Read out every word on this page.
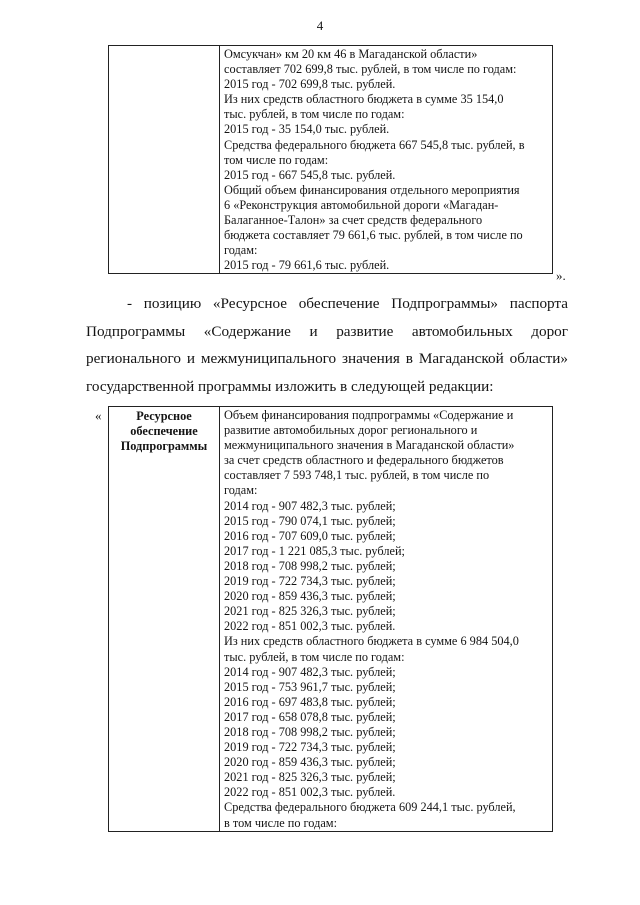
4

Омсукчан» км 20 км 46 в Магаданской области»
составляет 702 699,8 тыс. рублей, в том числе по годам:
2015 год - 702 699,8 тыс. рублей.
Из них средств областного бюджета в сумме 35 154,0
тыс. рублей, в том числе по годам:
2015 год - 35 154,0 тыс. рублей.
Средства федерального бюджета 667 545,8 тыс. рублей, в
том числе по годам:
2015 год - 667 545,8 тыс. рублей.
Общий объем финансирования отдельного мероприятия
6 «Реконструкция автомобильной дороги «Магадан-
Балаганное-Талон» за счет средств федерального
бюджета составляет 79 661,6 тыс. рублей, в том числе по
годам:
2015 год - 79 661,6 тыс. рублей.
».
- позицию «Ресурсное обеспечение Подпрограммы» паспорта
Подпрограммы «Содержание и развитие автомобильных дорог
регионального и межмуниципального значения в Магаданской области»
государственной программы изложить в следующей редакции:
«	Ресурсное
обеспечение
Подпрограммы

Объем финансирования подпрограммы «Содержание и
развитие автомобильных дорог регионального и
межмуниципального значения в Магаданской области»
за счет средств областного и федерального бюджетов
составляет 7 593 748,1 тыс. рублей, в том числе по
годам:
2014 год - 907 482,3 тыс. рублей;
2015 год - 790 074,1 тыс. рублей;
2016 год - 707 609,0 тыс. рублей;
2017 год - 1 221 085,3 тыс. рублей;
2018 год - 708 998,2 тыс. рублей;
2019 год - 722 734,3 тыс. рублей;
2020 год - 859 436,3 тыс. рублей;
2021 год - 825 326,3 тыс. рублей;
2022 год - 851 002,3 тыс. рублей.
Из них средств областного бюджета в сумме 6 984 504,0
тыс. рублей, в том числе по годам:
2014 год - 907 482,3 тыс. рублей;
2015 год - 753 961,7 тыс. рублей;
2016 год - 697 483,8 тыс. рублей;
2017 год - 658 078,8 тыс. рублей;
2018 год - 708 998,2 тыс. рублей;
2019 год - 722 734,3 тыс. рублей;
2020 год - 859 436,3 тыс. рублей;
2021 год - 825 326,3 тыс. рублей;
2022 год - 851 002,3 тыс. рублей.
Средства федерального бюджета 609 244,1 тыс. рублей,
в том числе по годам:
